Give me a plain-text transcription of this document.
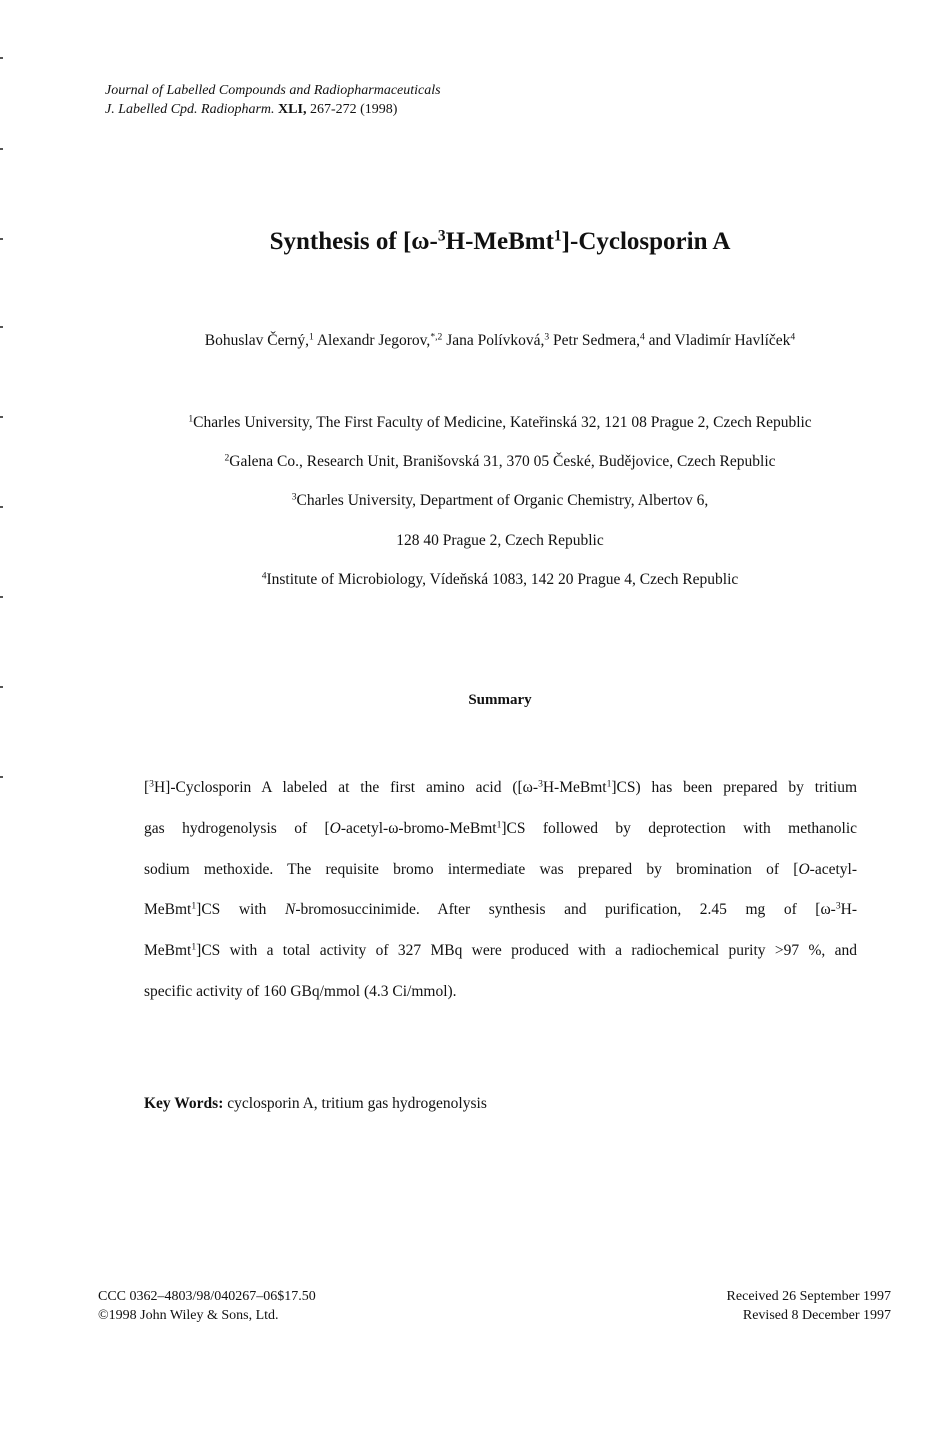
Journal of Labelled Compounds and Radiopharmaceuticals
J. Labelled Cpd. Radiopharm. XLI, 267-272 (1998)
Synthesis of [ω-$^3$H-MeBmt$^1$]-Cyclosporin A
Bohuslav Černý,$^1$ Alexandr Jegorov,$^{*,2}$ Jana Polívková,$^3$ Petr Sedmera,$^4$ and Vladimír Havlíček$^4$
$^1$Charles University, The First Faculty of Medicine, Kateřinská 32, 121 08 Prague 2, Czech Republic
$^2$Galena Co., Research Unit, Branišovská 31, 370 05 České, Budějovice, Czech Republic
$^3$Charles University, Department of Organic Chemistry, Albertov 6,
128 40 Prague 2, Czech Republic
$^4$Institute of Microbiology, Vídeňská 1083, 142 20 Prague 4, Czech Republic
Summary
[$^3$H]-Cyclosporin A labeled at the first amino acid ([ω-$^3$H-MeBmt$^1$]CS) has been prepared by tritium
gas hydrogenolysis of [O-acetyl-ω-bromo-MeBmt$^1$]CS followed by deprotection with methanolic
sodium methoxide. The requisite bromo intermediate was prepared by bromination of [O-acetyl-
MeBmt$^1$]CS with N-bromosuccinimide. After synthesis and purification, 2.45 mg of [ω-$^3$H-
MeBmt$^1$]CS with a total activity of 327 MBq were produced with a radiochemical purity >97 %, and
specific activity of 160 GBq/mmol (4.3 Ci/mmol).
Key Words: cyclosporin A, tritium gas hydrogenolysis
CCC 0362–4803/98/040267–06$17.50
©1998 John Wiley & Sons, Ltd.
Received 26 September 1997
Revised 8 December 1997
